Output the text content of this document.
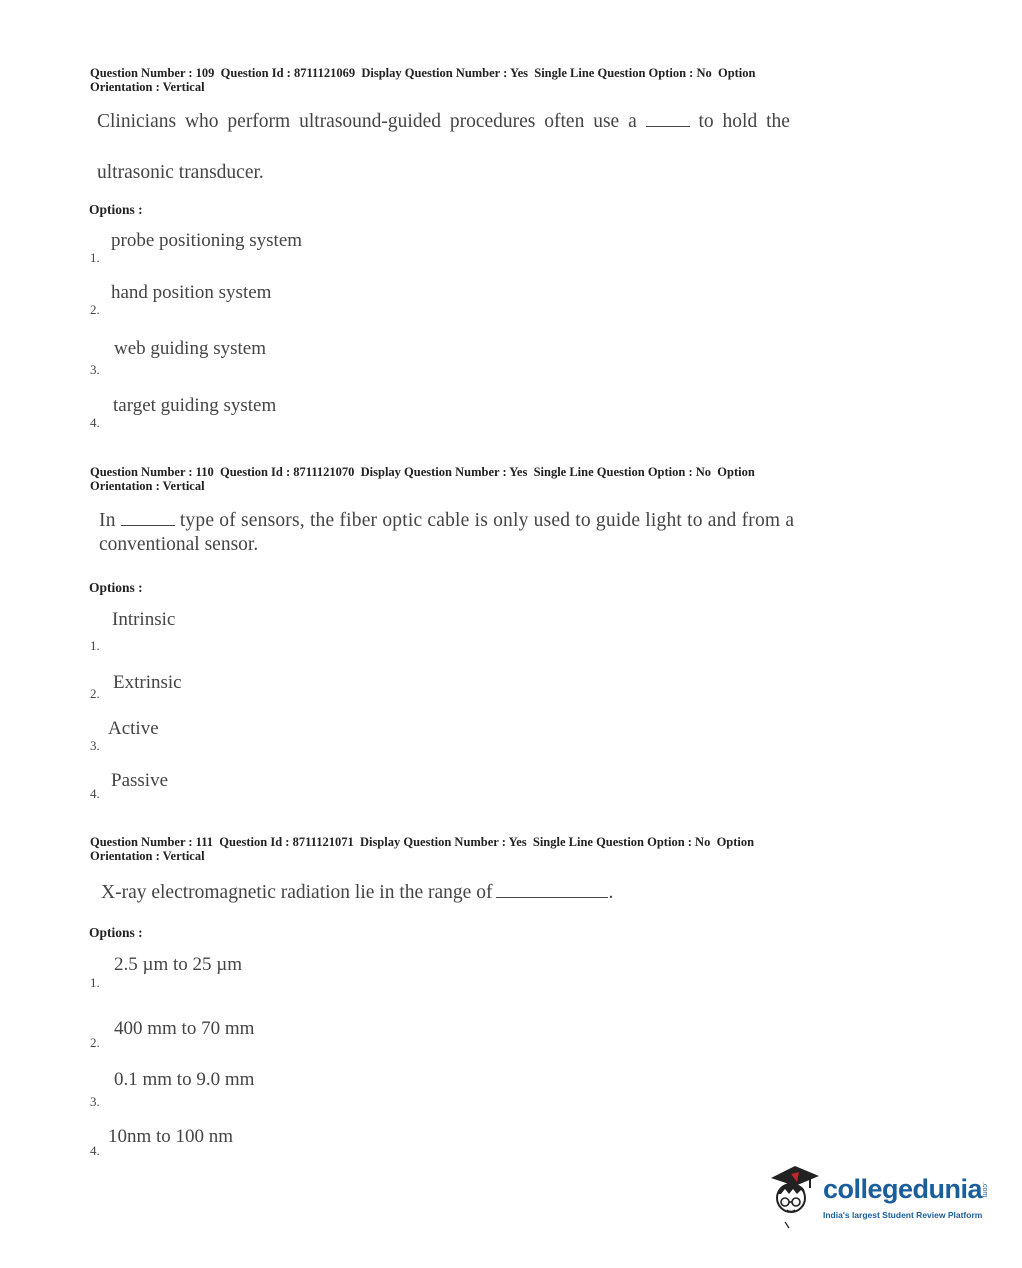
Question Number : 109  Question Id : 8711121069  Display Question Number : Yes  Single Line Question Option : No  Option
Orientation : Vertical
Clinicians who perform ultrasound-guided procedures often use a	to hold the
ultrasonic transducer.
Options :
probe positioning system
1.
hand position system
2.
web guiding system
3.
target guiding system
4.
Question Number : 110  Question Id : 8711121070  Display Question Number : Yes  Single Line Question Option : No  Option
Orientation : Vertical
In	type of sensors, the fiber optic cable is only used to guide light to and from a
conventional sensor.
Options :
Intrinsic
1.
Extrinsic
2.
Active
3.
Passive
4.
Question Number : 111  Question Id : 8711121071  Display Question Number : Yes  Single Line Question Option : No  Option
Orientation : Vertical
X-ray electromagnetic radiation lie in the range of	.
Options :
2.5 µm to 25 µm
1.
400 mm to 70 mm
2.
0.1 mm to 9.0 mm
3.
10nm to 100 nm
4.
collegedunia
.com
India's largest Student Review Platform
